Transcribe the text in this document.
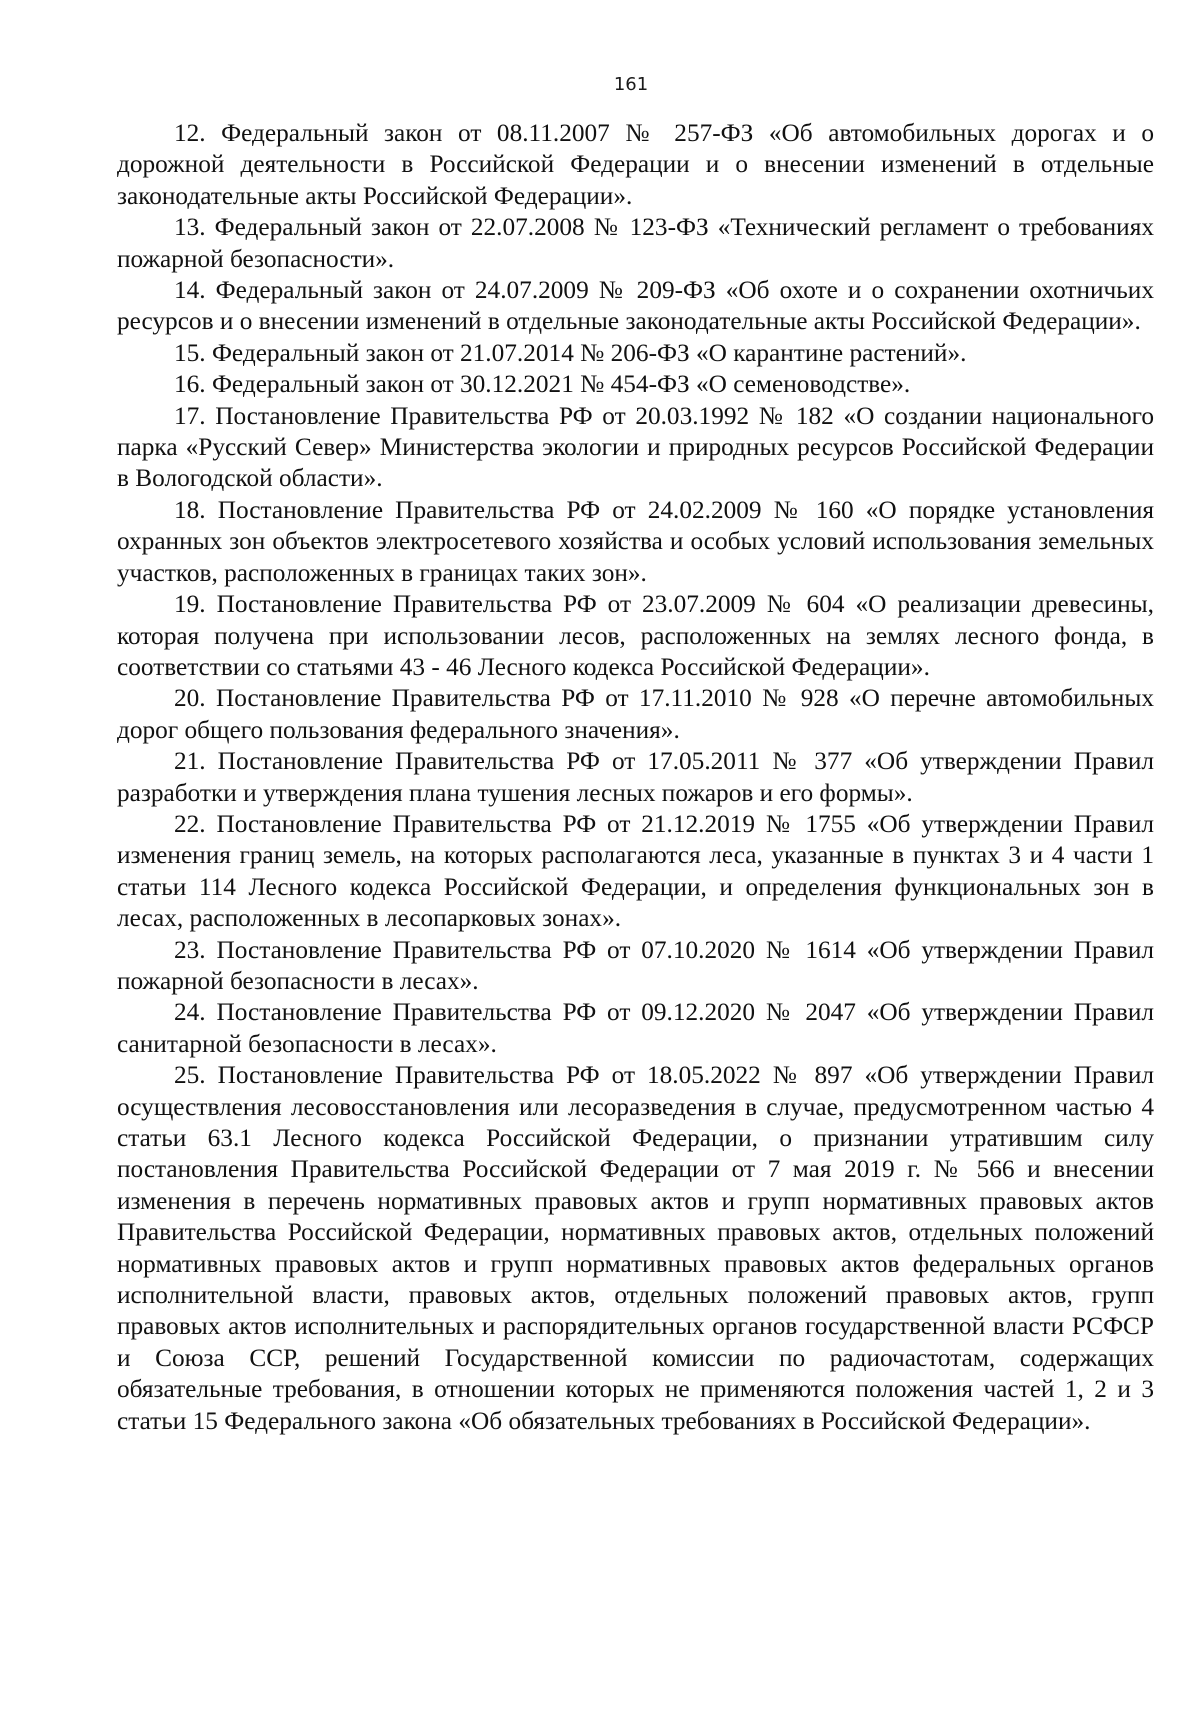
161

12. Федеральный закон от 08.11.2007 № 257-ФЗ «Об автомобильных дорогах и о дорожной деятельности в Российской Федерации и о внесении изменений в отдельные законодательные акты Российской Федерации».

13. Федеральный закон от 22.07.2008 № 123-ФЗ «Технический регламент о требованиях пожарной безопасности».

14. Федеральный закон от 24.07.2009 № 209-ФЗ «Об охоте и о сохранении охотничьих ресурсов и о внесении изменений в отдельные законодательные акты Российской Федерации».

15. Федеральный закон от 21.07.2014 № 206-ФЗ «О карантине растений».

16. Федеральный закон от 30.12.2021 № 454-ФЗ «О семеноводстве».

17. Постановление Правительства РФ от 20.03.1992 № 182 «О создании национального парка «Русский Север» Министерства экологии и природных ресурсов Российской Федерации в Вологодской области».

18. Постановление Правительства РФ от 24.02.2009 № 160 «О порядке установления охранных зон объектов электросетевого хозяйства и особых условий использования земельных участков, расположенных в границах таких зон».

19. Постановление Правительства РФ от 23.07.2009 № 604 «О реализации древесины, которая получена при использовании лесов, расположенных на землях лесного фонда, в соответствии со статьями 43 - 46 Лесного кодекса Российской Федерации».

20. Постановление Правительства РФ от 17.11.2010 № 928 «О перечне автомобильных дорог общего пользования федерального значения».

21. Постановление Правительства РФ от 17.05.2011 № 377 «Об утверждении Правил разработки и утверждения плана тушения лесных пожаров и его формы».

22. Постановление Правительства РФ от 21.12.2019 № 1755 «Об утверждении Правил изменения границ земель, на которых располагаются леса, указанные в пунктах 3 и 4 части 1 статьи 114 Лесного кодекса Российской Федерации, и определения функциональных зон в лесах, расположенных в лесопарковых зонах».

23. Постановление Правительства РФ от 07.10.2020 № 1614 «Об утверждении Правил пожарной безопасности в лесах».

24. Постановление Правительства РФ от 09.12.2020 № 2047 «Об утверждении Правил санитарной безопасности в лесах».

25. Постановление Правительства РФ от 18.05.2022 № 897 «Об утверждении Правил осуществления лесовосстановления или лесоразведения в случае, предусмотренном частью 4 статьи 63.1 Лесного кодекса Российской Федерации, о признании утратившим силу постановления Правительства Российской Федерации от 7 мая 2019 г. № 566 и внесении изменения в перечень нормативных правовых актов и групп нормативных правовых актов Правительства Российской Федерации, нормативных правовых актов, отдельных положений нормативных правовых актов и групп нормативных правовых актов федеральных органов исполнительной власти, правовых актов, отдельных положений правовых актов, групп правовых актов исполнительных и распорядительных органов государственной власти РСФСР и Союза ССР, решений Государственной комиссии по радиочастотам, содержащих обязательные требования, в отношении которых не применяются положения частей 1, 2 и 3 статьи 15 Федерального закона «Об обязательных требованиях в Российской Федерации».
